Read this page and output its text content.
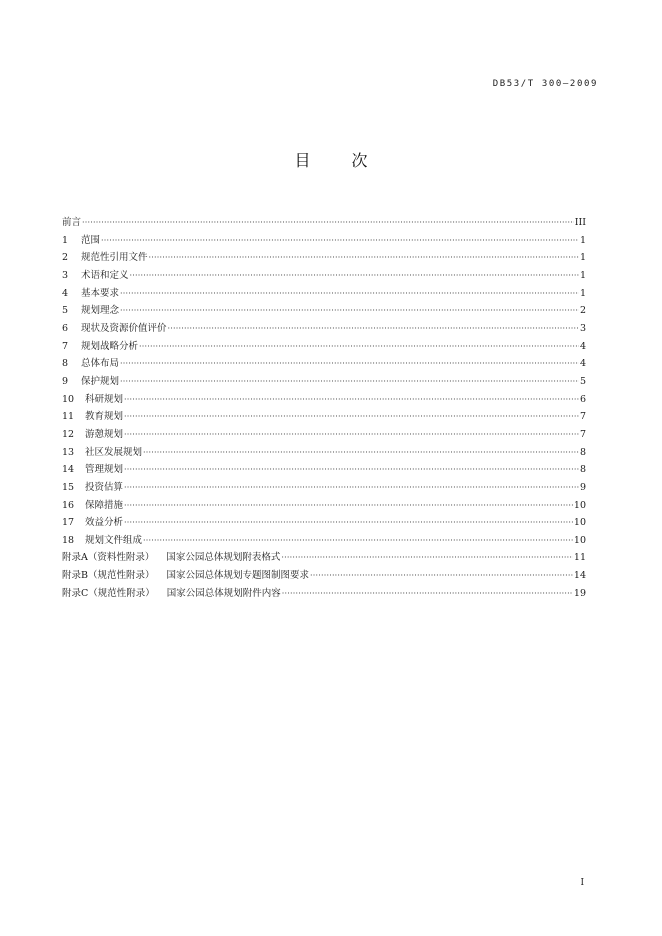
DB53/T 300—2009
目 次
前言 ·····	III
1	范围 ·····	1
2	规范性引用文件 ·····	1
3	术语和定义 ·····	1
4	基本要求 ·····	1
5	规划理念 ·····	2
6	现状及资源价值评价 ·····	3
7	规划战略分析 ·····	4
8	总体布局 ·····	4
9	保护规划 ·····	5
10	科研规划 ·····	6
11	教育规划 ·····	7
12	游憩规划 ·····	7
13	社区发展规划 ·····	8
14	管理规划 ·····	8
15	投资估算 ·····	9
16	保障措施 ·····	10
17	效益分析 ·····	10
18	规划文件组成 ·····	10
附录A（资料性附录） 国家公园总体规划附表格式 ·····	11
附录B（规范性附录） 国家公园总体规划专题图制图要求 ·····	14
附录C（规范性附录） 国家公园总体规划附件内容 ·····	19
I
